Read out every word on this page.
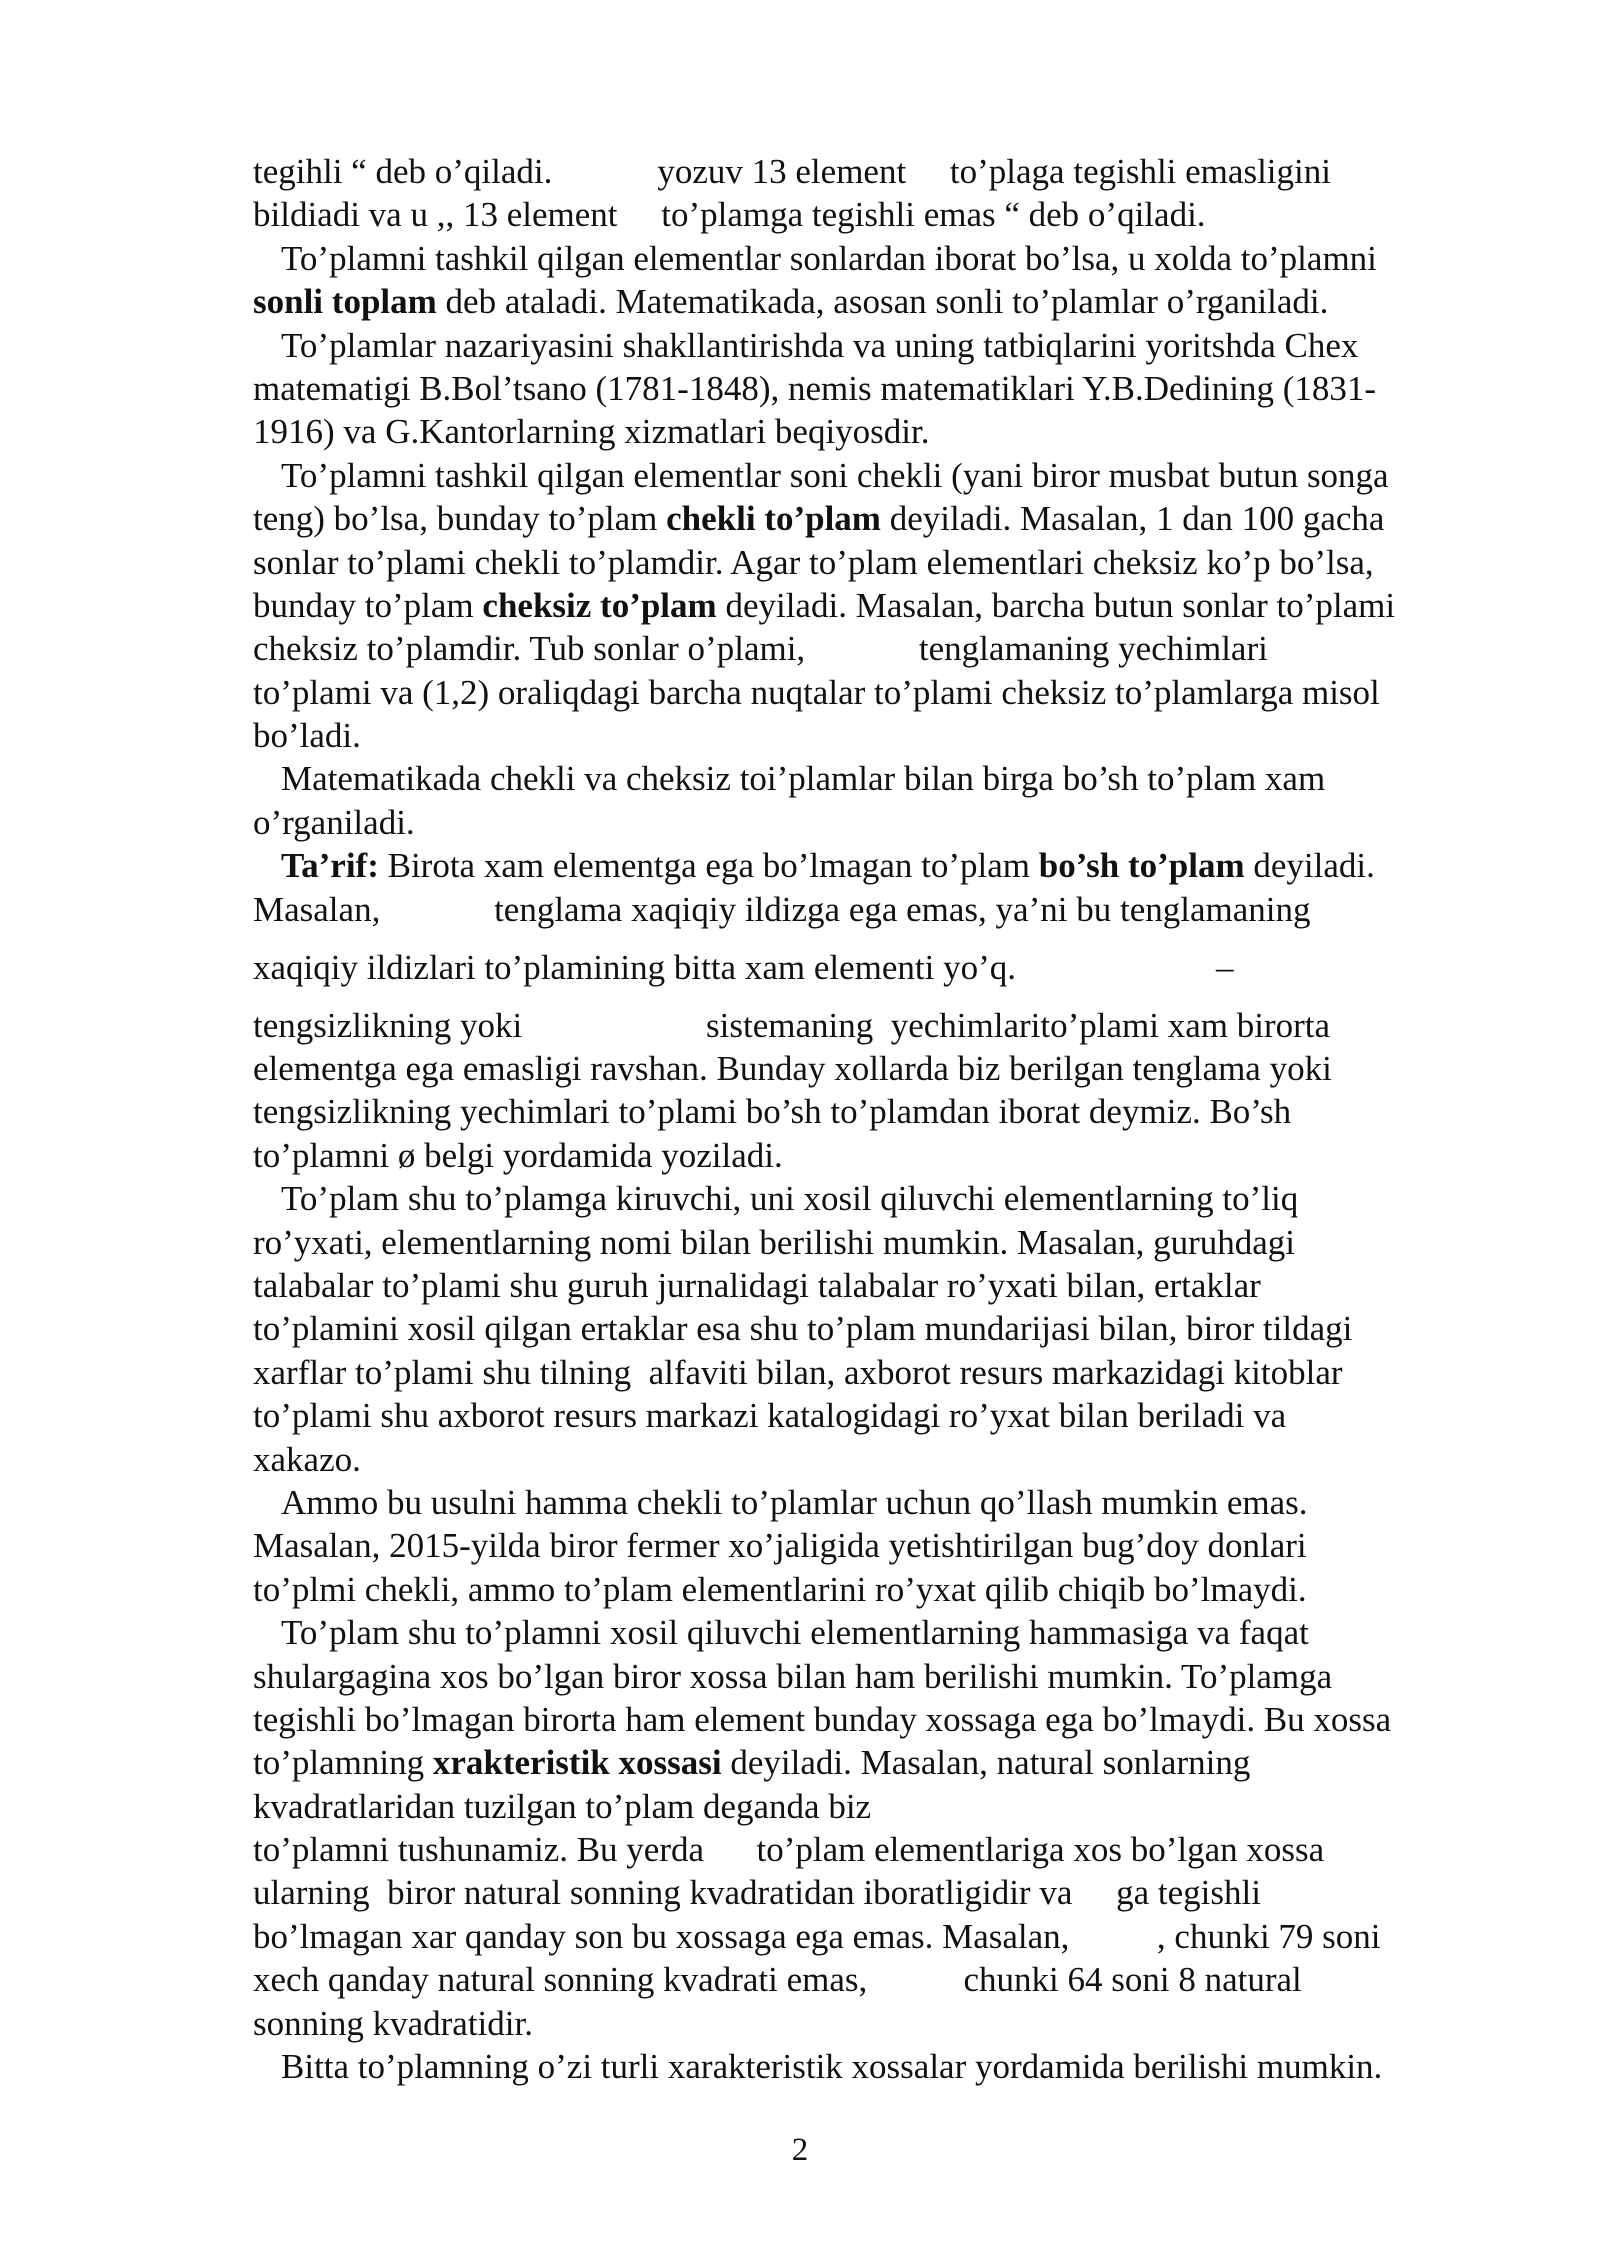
tegihli “ deb o’qiladi.            yozuv 13 element     to’plaga tegishli emasligini
bildiadi va u ,, 13 element     to’plamga tegishli emas “ deb o’qiladi.
To’plamni tashkil qilgan elementlar sonlardan iborat bo’lsa, u xolda to’plamni
sonli toplam deb ataladi. Matematikada, asosan sonli to’plamlar o’rganiladi.
To’plamlar nazariyasini shakllantirishda va uning tatbiqlarini yoritshda Chex
matematigi B.Bol’tsano (1781-1848), nemis matematiklari Y.B.Dedining (1831-
1916) va G.Kantorlarning xizmatlari beqiyosdir.
To’plamni tashkil qilgan elementlar soni chekli (yani biror musbat butun songa
teng) bo’lsa, bunday to’plam chekli to’plam deyiladi. Masalan, 1 dan 100 gacha
sonlar to’plami chekli to’plamdir. Agar to’plam elementlari cheksiz ko’p bo’lsa,
bunday to’plam cheksiz to’plam deyiladi. Masalan, barcha butun sonlar to’plami
cheksiz to’plamdir. Tub sonlar o’plami,             tenglamaning yechimlari
to’plami va (1,2) oraliqdagi barcha nuqtalar to’plami cheksiz to’plamlarga misol
bo’ladi.
Matematikada chekli va cheksiz toi’plamlar bilan birga bo’sh to’plam xam
o’rganiladi.
Ta’rif: Birota xam elementga ega bo’lmagan to’plam bo’sh to’plam deyiladi.
Masalan,             tenglama xaqiqiy ildizga ega emas, ya’ni bu tenglamaning
xaqiqiy ildizlari to’plamining bitta xam elementi yo’q.	–
tengsizlikning yoki                     sistemaning  yechimlarito’plami xam birorta
elementga ega emasligi ravshan. Bunday xollarda biz berilgan tenglama yoki
tengsizlikning yechimlari to’plami bo’sh to’plamdan iborat deymiz. Bo’sh
to’plamni ø belgi yordamida yoziladi.
To’plam shu to’plamga kiruvchi, uni xosil qiluvchi elementlarning to’liq
ro’yxati, elementlarning nomi bilan berilishi mumkin. Masalan, guruhdagi
talabalar to’plami shu guruh jurnalidagi talabalar ro’yxati bilan, ertaklar
to’plamini xosil qilgan ertaklar esa shu to’plam mundarijasi bilan, biror tildagi
xarflar to’plami shu tilning  alfaviti bilan, axborot resurs markazidagi kitoblar
to’plami shu axborot resurs markazi katalogidagi ro’yxat bilan beriladi va
xakazo.
Ammo bu usulni hamma chekli to’plamlar uchun qo’llash mumkin emas.
Masalan, 2015-yilda biror fermer xo’jaligida yetishtirilgan bug’doy donlari
to’plmi chekli, ammo to’plam elementlarini ro’yxat qilib chiqib bo’lmaydi.
To’plam shu to’plamni xosil qiluvchi elementlarning hammasiga va faqat
shulargagina xos bo’lgan biror xossa bilan ham berilishi mumkin. To’plamga
tegishli bo’lmagan birorta ham element bunday xossaga ega bo’lmaydi. Bu xossa
to’plamning xrakteristik xossasi deyiladi. Masalan, natural sonlarning
kvadratlaridan tuzilgan to’plam deganda biz
to’plamni tushunamiz. Bu yerda      to’plam elementlariga xos bo’lgan xossa
ularning  biror natural sonning kvadratidan iboratligidir va     ga tegishli
bo’lmagan xar qanday son bu xossaga ega emas. Masalan,          , chunki 79 soni
xech qanday natural sonning kvadrati emas,           chunki 64 soni 8 natural
sonning kvadratidir.
Bitta to’plamning o’zi turli xarakteristik xossalar yordamida berilishi mumkin.
2
